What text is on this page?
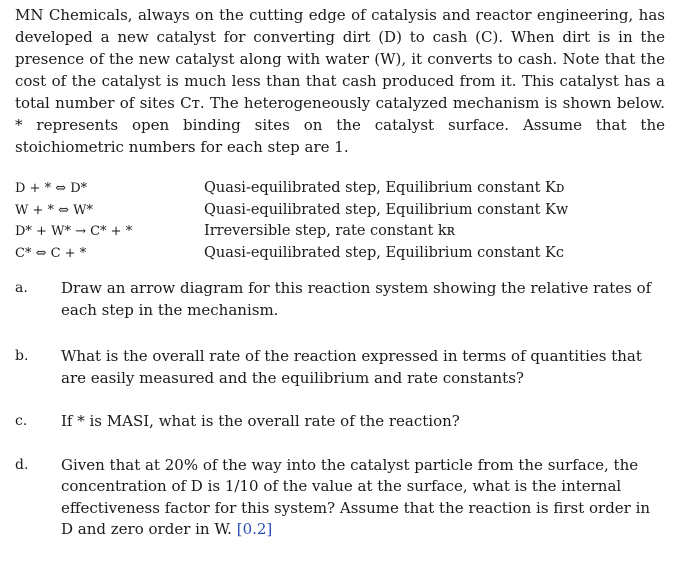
MN Chemicals, always on the cutting edge of catalysis and reactor engineering, has developed a new catalyst for converting dirt (D) to cash (C). When dirt is in the presence of the new catalyst along with water (W), it converts to cash. Note that the cost of the catalyst is much less than that cash produced from it. This catalyst has a total number of sites Cᴛ. The heterogeneously catalyzed mechanism is shown below. * represents open binding sites on the catalyst surface. Assume that the stoichiometric numbers for each step are 1.

D + * ⇔ D*	Quasi-equilibrated step, Equilibrium constant Kᴅ
W + * ⇔ W*	Quasi-equilibrated step, Equilibrium constant Kᴡ
D* + W* → C* + *	Irreversible step, rate constant kʀ
C* ⇔ C + *	Quasi-equilibrated step, Equilibrium constant Kᴄ
a.	Draw an arrow diagram for this reaction system showing the relative rates of each step in the mechanism.
b.	What is the overall rate of the reaction expressed in terms of quantities that are easily measured and the equilibrium and rate constants?
c.	If * is MASI, what is the overall rate of the reaction?
d.	Given that at 20% of the way into the catalyst particle from the surface, the concentration of D is 1/10 of the value at the surface, what is the internal effectiveness factor for this system? Assume that the reaction is first order in D and zero order in W. [0.2]
